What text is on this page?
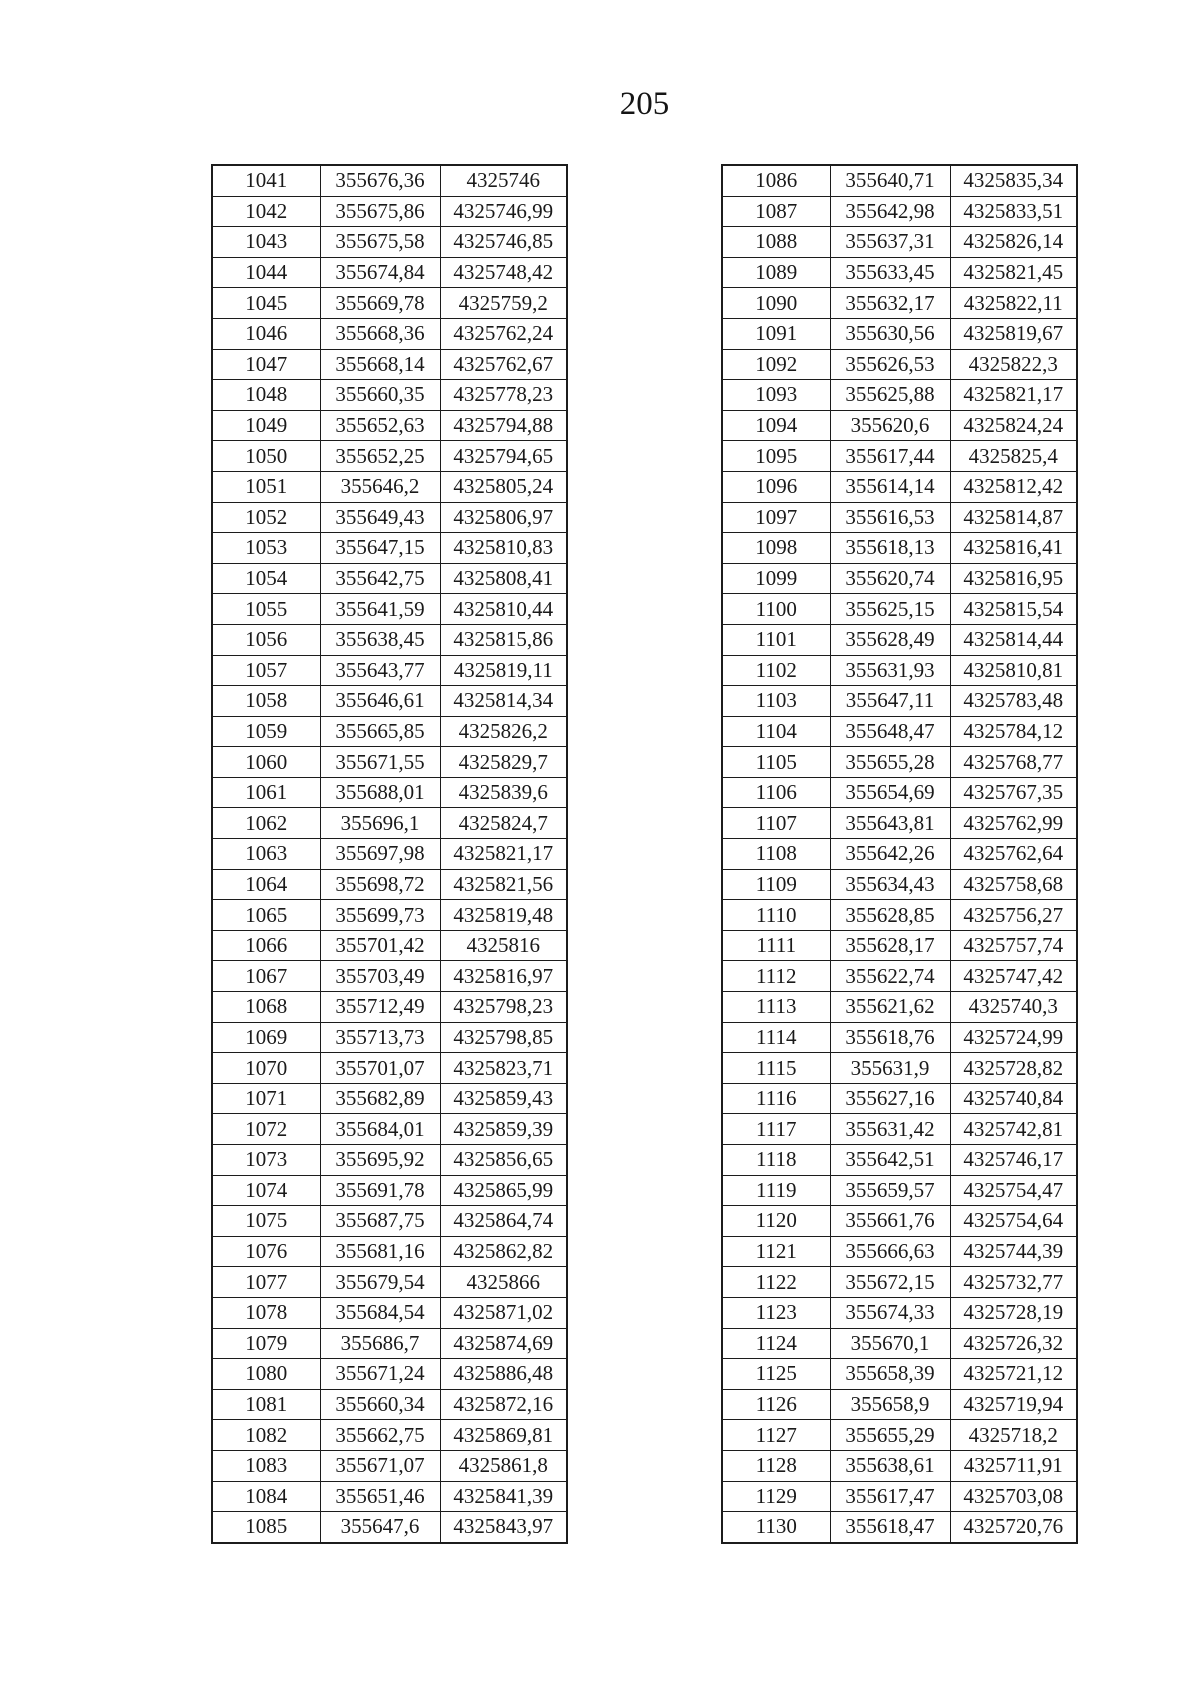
205
1041	355676,36	4325746
1042	355675,86	4325746,99
1043	355675,58	4325746,85
1044	355674,84	4325748,42
1045	355669,78	4325759,2
1046	355668,36	4325762,24
1047	355668,14	4325762,67
1048	355660,35	4325778,23
1049	355652,63	4325794,88
1050	355652,25	4325794,65
1051	355646,2	4325805,24
1052	355649,43	4325806,97
1053	355647,15	4325810,83
1054	355642,75	4325808,41
1055	355641,59	4325810,44
1056	355638,45	4325815,86
1057	355643,77	4325819,11
1058	355646,61	4325814,34
1059	355665,85	4325826,2
1060	355671,55	4325829,7
1061	355688,01	4325839,6
1062	355696,1	4325824,7
1063	355697,98	4325821,17
1064	355698,72	4325821,56
1065	355699,73	4325819,48
1066	355701,42	4325816
1067	355703,49	4325816,97
1068	355712,49	4325798,23
1069	355713,73	4325798,85
1070	355701,07	4325823,71
1071	355682,89	4325859,43
1072	355684,01	4325859,39
1073	355695,92	4325856,65
1074	355691,78	4325865,99
1075	355687,75	4325864,74
1076	355681,16	4325862,82
1077	355679,54	4325866
1078	355684,54	4325871,02
1079	355686,7	4325874,69
1080	355671,24	4325886,48
1081	355660,34	4325872,16
1082	355662,75	4325869,81
1083	355671,07	4325861,8
1084	355651,46	4325841,39
1085	355647,6	4325843,97
1086	355640,71	4325835,34
1087	355642,98	4325833,51
1088	355637,31	4325826,14
1089	355633,45	4325821,45
1090	355632,17	4325822,11
1091	355630,56	4325819,67
1092	355626,53	4325822,3
1093	355625,88	4325821,17
1094	355620,6	4325824,24
1095	355617,44	4325825,4
1096	355614,14	4325812,42
1097	355616,53	4325814,87
1098	355618,13	4325816,41
1099	355620,74	4325816,95
1100	355625,15	4325815,54
1101	355628,49	4325814,44
1102	355631,93	4325810,81
1103	355647,11	4325783,48
1104	355648,47	4325784,12
1105	355655,28	4325768,77
1106	355654,69	4325767,35
1107	355643,81	4325762,99
1108	355642,26	4325762,64
1109	355634,43	4325758,68
1110	355628,85	4325756,27
1111	355628,17	4325757,74
1112	355622,74	4325747,42
1113	355621,62	4325740,3
1114	355618,76	4325724,99
1115	355631,9	4325728,82
1116	355627,16	4325740,84
1117	355631,42	4325742,81
1118	355642,51	4325746,17
1119	355659,57	4325754,47
1120	355661,76	4325754,64
1121	355666,63	4325744,39
1122	355672,15	4325732,77
1123	355674,33	4325728,19
1124	355670,1	4325726,32
1125	355658,39	4325721,12
1126	355658,9	4325719,94
1127	355655,29	4325718,2
1128	355638,61	4325711,91
1129	355617,47	4325703,08
1130	355618,47	4325720,76
